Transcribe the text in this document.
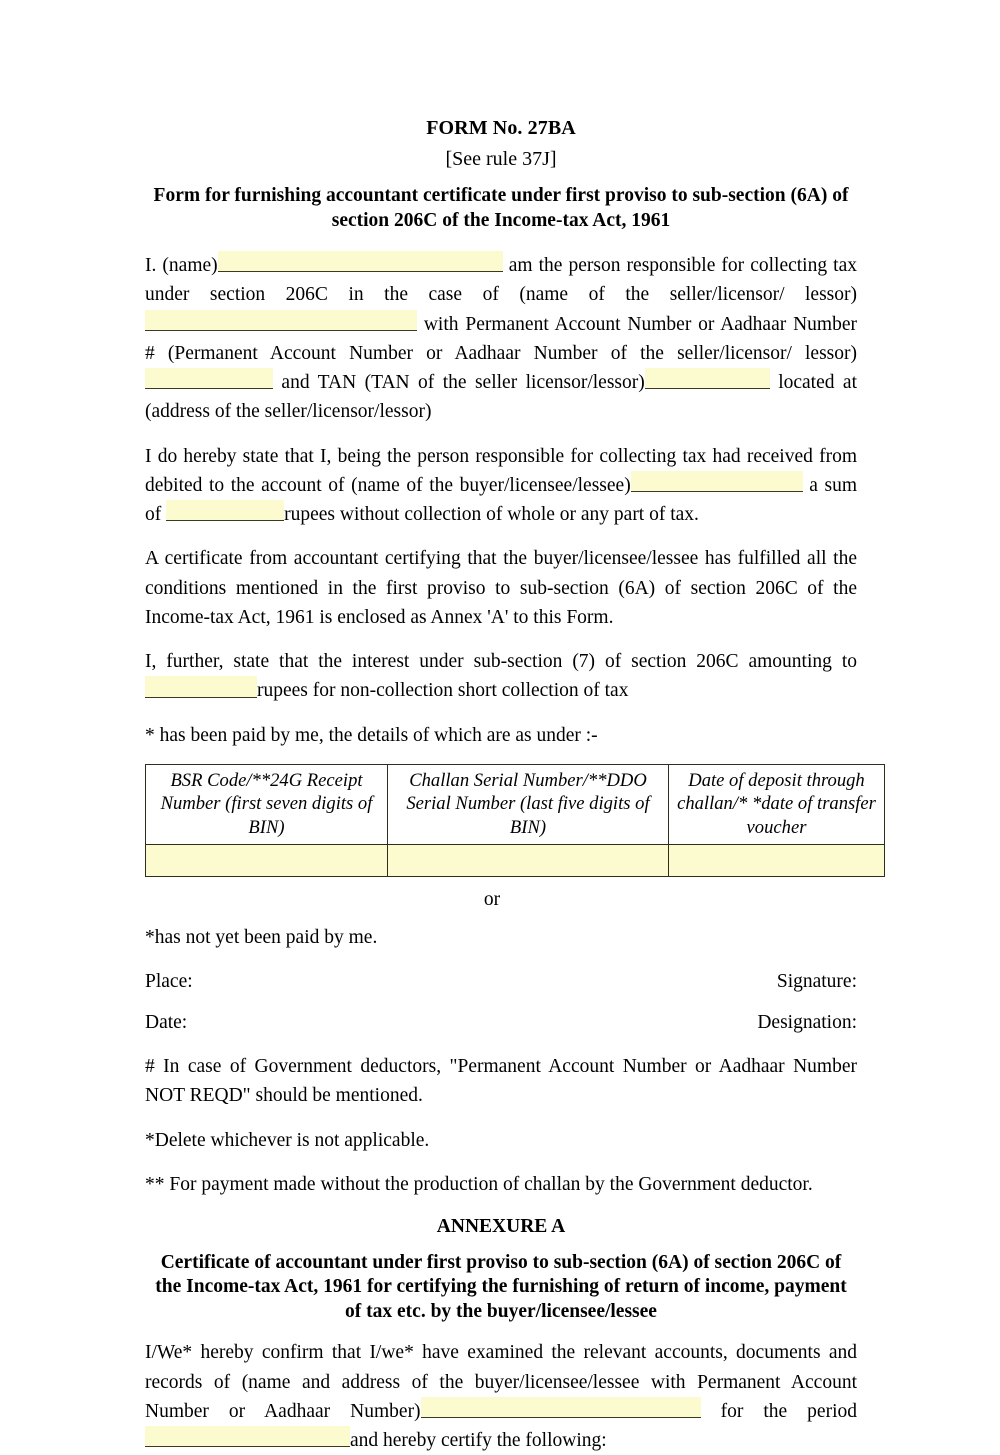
FORM No. 27BA
[See rule 37J]
Form for furnishing accountant certificate under first proviso to sub-section (6A) of
section 206C of the Income-tax Act, 1961

I. (name)	am the person responsible for collecting tax under section 206C in the case of (name of the seller/licensor/ lessor) with Permanent Account Number or Aadhaar Number # (Permanent Account Number or Aadhaar Number of the seller/licensor/ lessor)  and TAN (TAN of the seller licensor/lessor)	located at (address of the seller/licensor/lessor)

I do hereby state that I, being the person responsible for collecting tax had received from debited to the account of (name of the buyer/licensee/lessee)	a sum of	rupees without collection of whole or any part of tax.

A certificate from accountant certifying that the buyer/licensee/lessee has fulfilled all the conditions mentioned in the first proviso to sub-section (6A) of section 206C of the Income-tax Act, 1961 is enclosed as Annex 'A' to this Form.

I, further, state that the interest under sub-section (7) of section 206C amounting to rupees for non-collection short collection of tax

* has been paid by me, the details of which are as under :-

BSR Code/**24G Receipt Number (first seven digits of BIN)	Challan Serial Number/**DDO Serial Number (last five digits of BIN)	Date of deposit through challan/* *date of transfer voucher

or

*has not yet been paid by me.

Place:	Signature:
Date:	Designation:

# In case of Government deductors, "Permanent Account Number or Aadhaar Number NOT REQD" should be mentioned.

*Delete whichever is not applicable.

** For payment made without the production of challan by the Government deductor.

ANNEXURE A
Certificate of accountant under first proviso to sub-section (6A) of section 206C of
the Income-tax Act, 1961 for certifying the furnishing of return of income, payment
of tax etc. by the buyer/licensee/lessee

I/We* hereby confirm that I/we* have examined the relevant accounts, documents and records of (name and address of the buyer/licensee/lessee with Permanent Account Number or Aadhaar Number)	for the period and hereby certify the following:
